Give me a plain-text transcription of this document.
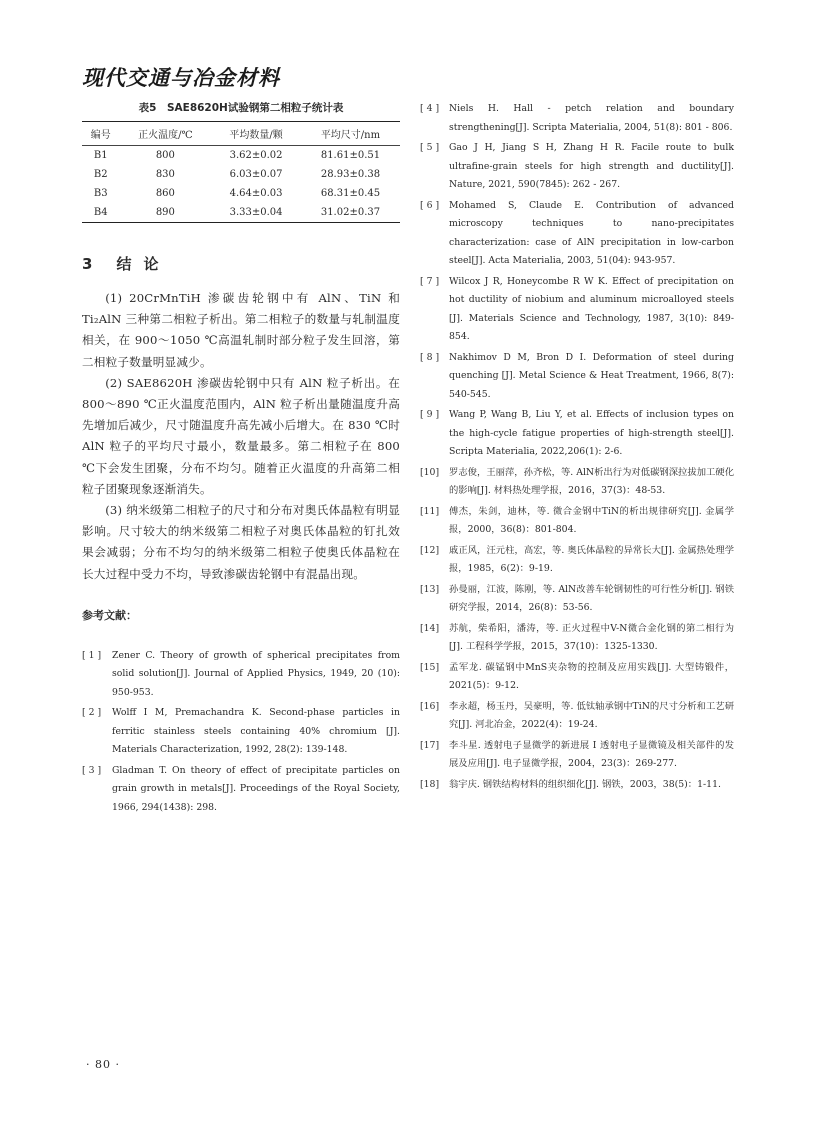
现代交通与冶金材料
表5　SAE8620H试验钢第二相粒子统计表
编号	正火温度/℃	平均数量/颗	平均尺寸/nm
B1	800	3.62±0.02	81.61±0.51
B2	830	6.03±0.07	28.93±0.38
B3	860	4.64±0.03	68.31±0.45
B4	890	3.33±0.04	31.02±0.37
3 结论

(1) 20CrMnTiH 渗碳齿轮钢中有 AlN、TiN 和 Ti₂AlN 三种第二相粒子析出。第二相粒子的数量与轧制温度相关，在 900～1050 ℃高温轧制时部分粒子发生回溶，第二相粒子数量明显减少。

(2) SAE8620H 渗碳齿轮钢中只有 AlN 粒子析出。在 800～890 ℃正火温度范围内，AlN 粒子析出量随温度升高先增加后减少，尺寸随温度升高先减小后增大。在 830 ℃时 AlN 粒子的平均尺寸最小，数量最多。第二相粒子在 800 ℃下会发生团聚，分布不均匀。随着正火温度的升高第二相粒子团聚现象逐渐消失。

(3) 纳米级第二相粒子的尺寸和分布对奥氏体晶粒有明显影响。尺寸较大的纳米级第二相粒子对奥氏体晶粒的钉扎效果会减弱；分布不均匀的纳米级第二相粒子使奥氏体晶粒在长大过程中受力不均，导致渗碳齿轮钢中有混晶出现。

参考文献：
[ 1 ]	Zener C. Theory of growth of spherical precipitates from solid solution[J]. Journal of Applied Physics, 1949, 20 (10): 950-953.
[ 2 ]	Wolff I M, Premachandra K. Second-phase particles in ferritic stainless steels containing 40% chromium [J]. Materials Characterization, 1992, 28(2): 139-148.
[ 3 ]	Gladman T. On theory of effect of precipitate particles on grain growth in metals[J]. Proceedings of the Royal Society, 1966, 294(1438): 298.
[ 4 ]	Niels H. Hall - petch relation and boundary strengthening[J]. Scripta Materialia, 2004, 51(8): 801 - 806.
[ 5 ]	Gao J H, Jiang S H, Zhang H R. Facile route to bulk ultrafine-grain steels for high strength and ductility[J]. Nature, 2021, 590(7845): 262 - 267.
[ 6 ]	Mohamed S, Claude E. Contribution of advanced microscopy techniques to nano-precipitates characterization: case of AlN precipitation in low-carbon steel[J]. Acta Materialia, 2003, 51(04): 943-957.
[ 7 ]	Wilcox J R, Honeycombe R W K. Effect of precipitation on hot ductility of niobium and aluminum microalloyed steels [J]. Materials Science and Technology, 1987, 3(10): 849-854.
[ 8 ]	Nakhimov D M, Bron D I. Deformation of steel during quenching [J]. Metal Science & Heat Treatment, 1966, 8(7): 540-545.
[ 9 ]	Wang P, Wang B, Liu Y, et al. Effects of inclusion types on the high-cycle fatigue properties of high-strength steel[J]. Scripta Materialia, 2022,206(1): 2-6.
[10]	罗志俊，王丽萍，孙齐松，等. AlN析出行为对低碳钢深拉拔加工硬化的影响[J]. 材料热处理学报，2016，37(3)：48-53.
[11]	傅杰，朱剑，迪林，等. 微合金钢中TiN的析出规律研究[J]. 金属学报，2000，36(8)：801-804.
[12]	戚正风，汪元柱，高宏，等. 奥氏体晶粒的异常长大[J]. 金属热处理学报，1985，6(2)：9-19.
[13]	孙曼丽，江波，陈刚，等. AlN改善车轮钢韧性的可行性分析[J]. 钢铁研究学报，2014，26(8)：53-56.
[14]	苏航，柴希阳，潘涛，等. 正火过程中V-N微合金化钢的第二相行为[J]. 工程科学学报，2015，37(10)：1325-1330.
[15]	孟军龙. 碳锰钢中MnS夹杂物的控制及应用实践[J]. 大型铸锻件，2021(5)：9-12.
[16]	李永超，杨玉丹，吴豪明，等. 低钛轴承钢中TiN的尺寸分析和工艺研究[J]. 河北冶金，2022(4)：19-24.
[17]	李斗星. 透射电子显微学的新进展 Ⅰ 透射电子显微镜及相关部件的发展及应用[J]. 电子显微学报，2004，23(3)：269-277.
[18]	翁宇庆. 钢铁结构材料的组织细化[J]. 钢铁，2003，38(5)：1-11.
· 80 ·
